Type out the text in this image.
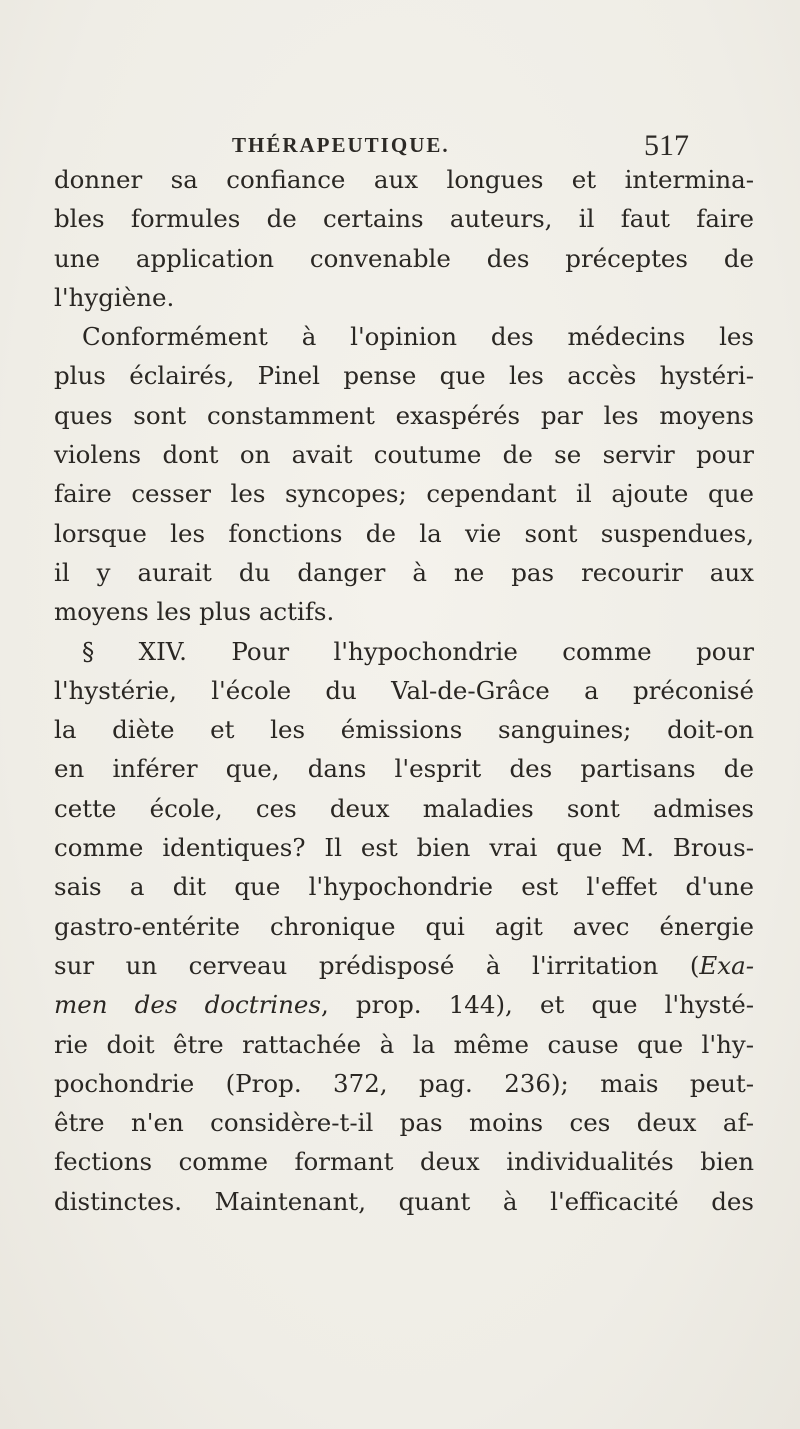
THÉRAPEUTIQUE.	517
donner sa confiance aux longues et intermina-
bles formules de certains auteurs, il faut faire
une application convenable des préceptes de
l'hygiène.
Conformément à l'opinion des médecins les
plus éclairés, Pinel pense que les accès hystéri-
ques sont constamment exaspérés par les moyens
violens dont on avait coutume de se servir pour
faire cesser les syncopes; cependant il ajoute que
lorsque les fonctions de la vie sont suspendues,
il y aurait du danger à ne pas recourir aux
moyens les plus actifs.
§ XIV. Pour l'hypochondrie comme pour
l'hystérie, l'école du Val-de-Grâce a préconisé
la diète et les émissions sanguines; doit-on
en inférer que, dans l'esprit des partisans de
cette école, ces deux maladies sont admises
comme identiques? Il est bien vrai que M. Brous-
sais a dit que l'hypochondrie est l'effet d'une
gastro-entérite chronique qui agit avec énergie
sur un cerveau prédisposé à l'irritation (Exa-
men des doctrines, prop. 144), et que l'hysté-
rie doit être rattachée à la même cause que l'hy-
pochondrie (Prop. 372, pag. 236); mais peut-
être n'en considère-t-il pas moins ces deux af-
fections comme formant deux individualités bien
distinctes. Maintenant, quant à l'efficacité des
